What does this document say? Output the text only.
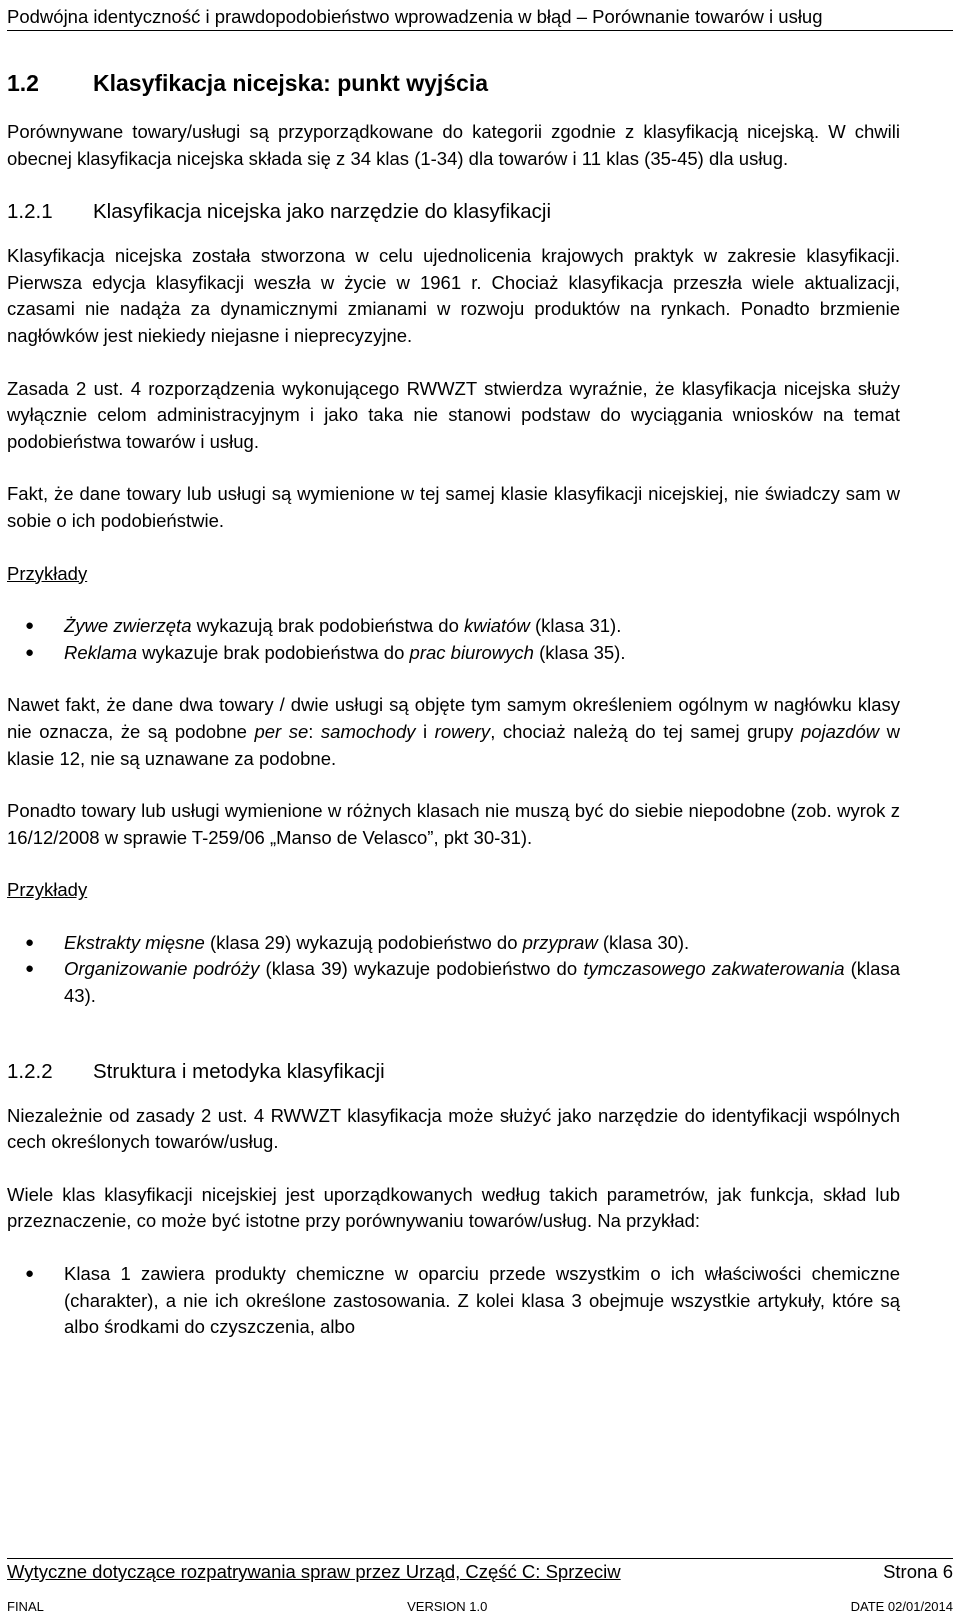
Podwójna identyczność i prawdopodobieństwo wprowadzenia w błąd – Porównanie towarów i usług
1.2	Klasyfikacja nicejska: punkt wyjścia

Porównywane towary/usługi są przyporządkowane do kategorii zgodnie z klasyfikacją nicejską. W chwili obecnej klasyfikacja nicejska składa się z 34 klas (1-34) dla towarów i 11 klas (35-45) dla usług.

1.2.1	Klasyfikacja nicejska jako narzędzie do klasyfikacji

Klasyfikacja nicejska została stworzona w celu ujednolicenia krajowych praktyk w zakresie klasyfikacji. Pierwsza edycja klasyfikacji weszła w życie w 1961 r. Chociaż klasyfikacja przeszła wiele aktualizacji, czasami nie nadąża za dynamicznymi zmianami w rozwoju produktów na rynkach. Ponadto brzmienie nagłówków jest niekiedy niejasne i nieprecyzyjne.

Zasada 2 ust. 4 rozporządzenia wykonującego RWWZT stwierdza wyraźnie, że klasyfikacja nicejska służy wyłącznie celom administracyjnym i jako taka nie stanowi podstaw do wyciągania wniosków na temat podobieństwa towarów i usług.

Fakt, że dane towary lub usługi są wymienione w tej samej klasie klasyfikacji nicejskiej, nie świadczy sam w sobie o ich podobieństwie.

Przykłady
● Żywe zwierzęta wykazują brak podobieństwa do kwiatów (klasa 31).
● Reklama wykazuje brak podobieństwa do prac biurowych (klasa 35).

Nawet fakt, że dane dwa towary / dwie usługi są objęte tym samym określeniem ogólnym w nagłówku klasy nie oznacza, że są podobne per se: samochody i rowery, chociaż należą do tej samej grupy pojazdów w klasie 12, nie są uznawane za podobne.

Ponadto towary lub usługi wymienione w różnych klasach nie muszą być do siebie niepodobne (zob. wyrok z 16/12/2008 w sprawie T-259/06 „Manso de Velasco”, pkt 30-31).

Przykłady
● Ekstrakty mięsne (klasa 29) wykazują podobieństwo do przypraw (klasa 30).
● Organizowanie podróży (klasa 39) wykazuje podobieństwo do tymczasowego zakwaterowania (klasa 43).
1.2.2	Struktura i metodyka klasyfikacji

Niezależnie od zasady 2 ust. 4 RWWZT klasyfikacja może służyć jako narzędzie do identyfikacji wspólnych cech określonych towarów/usług.

Wiele klas klasyfikacji nicejskiej jest uporządkowanych według takich parametrów, jak funkcja, skład lub przeznaczenie, co może być istotne przy porównywaniu towarów/usług. Na przykład:

● Klasa 1 zawiera produkty chemiczne w oparciu przede wszystkim o ich właściwości chemiczne (charakter), a nie ich określone zastosowania. Z kolei klasa 3 obejmuje wszystkie artykuły, które są albo środkami do czyszczenia, albo
Wytyczne dotyczące rozpatrywania spraw przez Urząd, Część C: Sprzeciw	Strona 6
FINAL	VERSION 1.0	DATE 02/01/2014
